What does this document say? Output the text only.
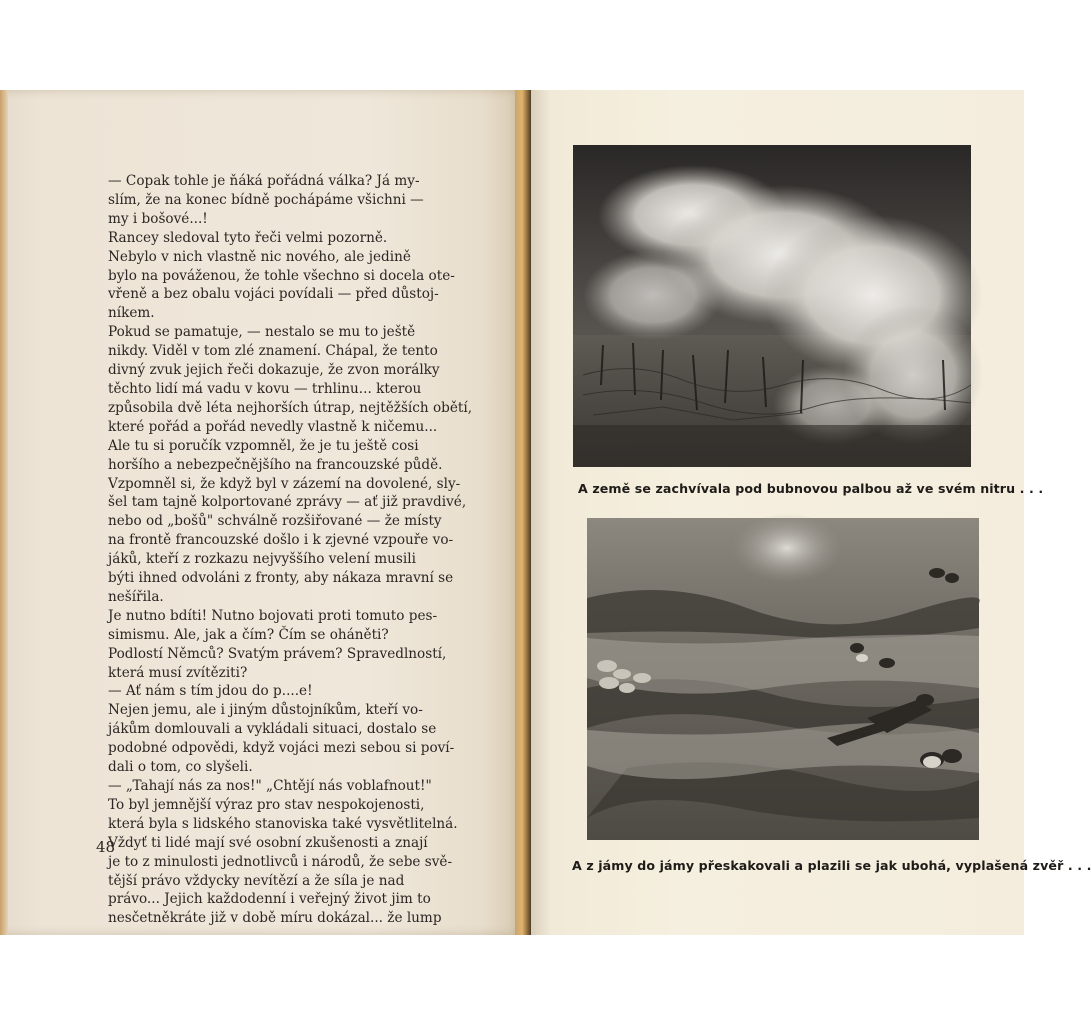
— Copak tohle je ňáká pořádná válka? Já my-
slím, že na konec bídně pochápáme všichni —
my i bošové...!
Rancey sledoval tyto řeči velmi pozorně.
Nebylo v nich vlastně nic nového, ale jedině
bylo na pováženou, že tohle všechno si docela ote-
vřeně a bez obalu vojáci povídali — před důstoj-
níkem.
Pokud se pamatuje, — nestalo se mu to ještě
nikdy. Viděl v tom zlé znamení. Chápal, že tento
divný zvuk jejich řeči dokazuje, že zvon morálky
těchto lidí má vadu v kovu — trhlinu... kterou
způsobila dvě léta nejhorších útrap, nejtěžších obětí,
které pořád a pořád nevedly vlastně k ničemu...
Ale tu si poručík vzpomněl, že je tu ještě cosi
horšího a nebezpečnějšího na francouzské půdě.
Vzpomněl si, že když byl v zázemí na dovolené, sly-
šel tam tajně kolportované zprávy — ať již pravdivé,
nebo od „bošů" schválně rozšiřované — že místy
na frontě francouzské došlo i k zjevné vzpouře vo-
jáků, kteří z rozkazu nejvyššího velení musili
býti ihned odvoláni z fronty, aby nákaza mravní se
nešířila.
Je nutno bdíti! Nutno bojovati proti tomuto pes-
simismu. Ale, jak a čím? Čím se oháněti?
Podlostí Němců? Svatým právem? Spravedlností,
která musí zvítěziti?
— Ať nám s tím jdou do p....e!
Nejen jemu, ale i jiným důstojníkům, kteří vo-
jákům domlouvali a vykládali situaci, dostalo se
podobné odpovědi, když vojáci mezi sebou si poví-
dali o tom, co slyšeli.
— „Tahají nás za nos!" „Chtějí nás voblafnout!"
To byl jemnější výraz pro stav nespokojenosti,
která byla s lidského stanoviska také vysvětlitelná.
Vždyť ti lidé mají své osobní zkušenosti a znají
je to z minulosti jednotlivců i národů, že sebe svě-
tější právo vždycky nevítězí a že síla je nad
právo... Jejich každodenní i veřejný život jim to
nesčetněkráte již v době míru dokázal... že lump
48
A země se zachvívala pod bubnovou palbou až ve svém nitru . . .
A z jámy do jámy přeskakovali a plazili se jak ubohá, vyplašená zvěř . . .
